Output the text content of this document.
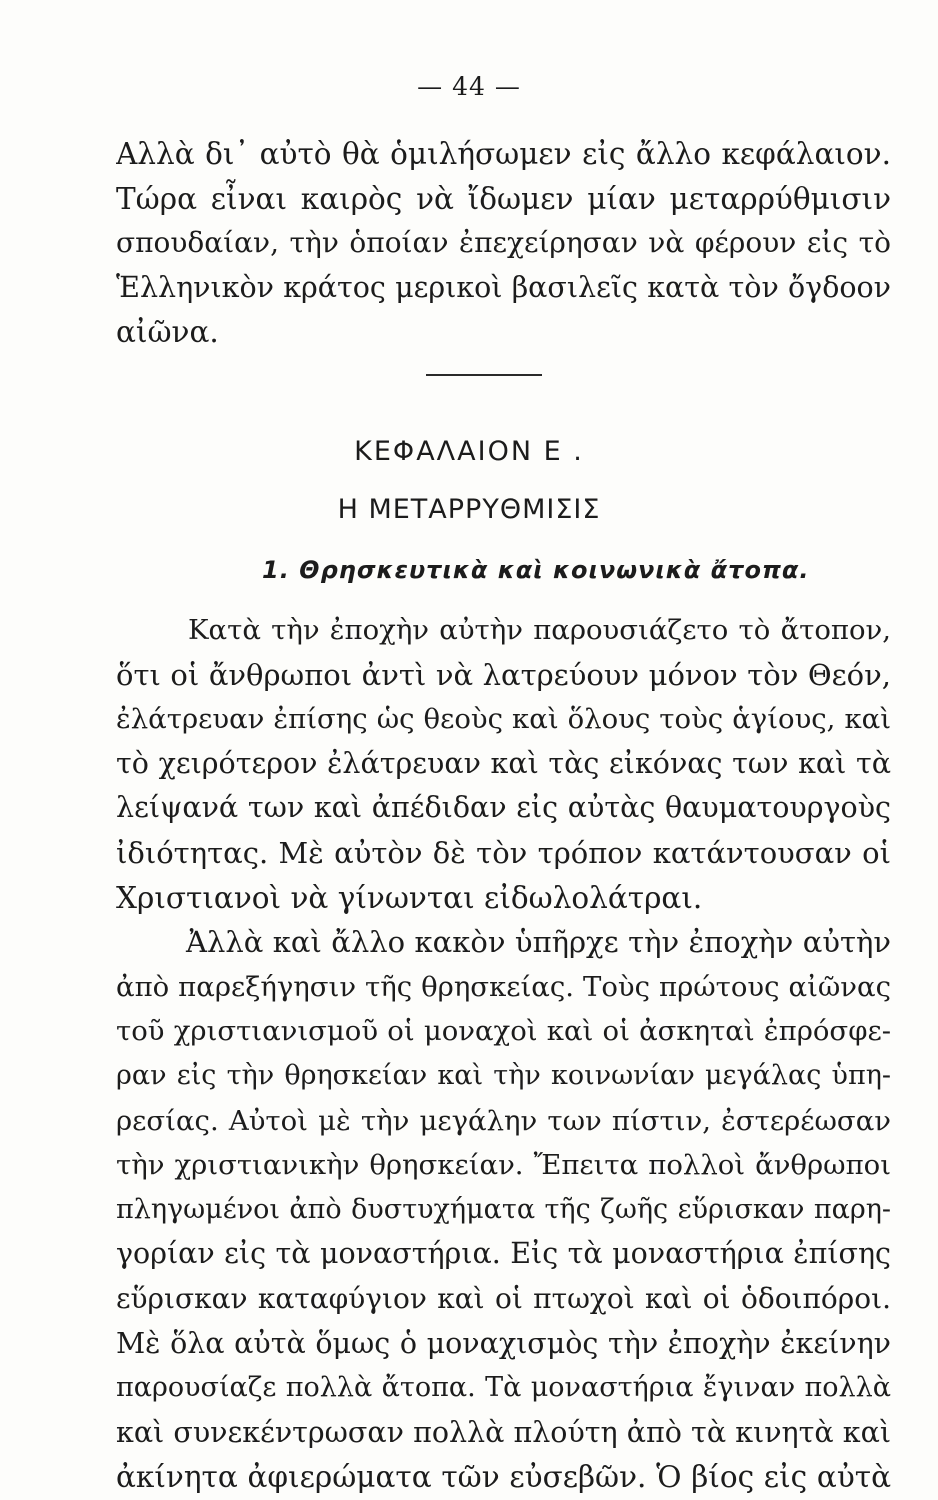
— 44 —
Αλλὰ δι᾽ αὐτὸ θὰ ὁμιλήσωμεν εἰς ἄλλο κεφάλαιον.
Τώρα εἶναι καιρὸς νὰ ἴδωμεν μίαν μεταρρύθμισιν
σπουδαίαν, τὴν ὁποίαν ἐπεχείρησαν νὰ φέρουν εἰς τὸ
Ἑλληνικὸν κράτος μερικοὶ βασιλεῖς κατὰ τὸν ὄγδοον
αἰῶνα.
ΚΕΦΑΛΑΙΟΝ Ε .
Η ΜΕΤΑΡΡΥΘΜΙΣΙΣ
1. Θρησκευτικὰ καὶ κοινωνικὰ ἄτοπα.
Κατὰ τὴν ἐποχὴν αὐτὴν παρουσιάζετο τὸ ἄτοπον,
ὅτι οἱ ἄνθρωποι ἀντὶ νὰ λατρεύουν μόνον τὸν Θεόν,
ἐλάτρευαν ἐπίσης ὡς θεοὺς καὶ ὅλους τοὺς ἁγίους, καὶ
τὸ χειρότερον ἐλάτρευαν καὶ τὰς εἰκόνας των καὶ τὰ
λείψανά των καὶ ἀπέδιδαν εἰς αὐτὰς θαυματουργοὺς
ἰδιότητας. Μὲ αὐτὸν δὲ τὸν τρόπον κατάντουσαν οἱ
Χριστιανοὶ νὰ γίνωνται εἰδωλολάτραι.
Ἀλλὰ καὶ ἄλλο κακὸν ὑπῆρχε τὴν ἐποχὴν αὐτὴν
ἀπὸ παρεξήγησιν τῆς θρησκείας. Τοὺς πρώτους αἰῶνας
τοῦ χριστιανισμοῦ οἱ μοναχοὶ καὶ οἱ ἀσκηταὶ ἐπρόσφε-
ραν εἰς τὴν θρησκείαν καὶ τὴν κοινωνίαν μεγάλας ὑπη-
ρεσίας. Αὐτοὶ μὲ τὴν μεγάλην των πίστιν, ἐστερέωσαν
τὴν χριστιανικὴν θρησκείαν. Ἔπειτα πολλοὶ ἄνθρωποι
πληγωμένοι ἀπὸ δυστυχήματα τῆς ζωῆς εὕρισκαν παρη-
γορίαν εἰς τὰ μοναστήρια. Εἰς τὰ μοναστήρια ἐπίσης
εὕρισκαν καταφύγιον καὶ οἱ πτωχοὶ καὶ οἱ ὁδοιπόροι.
Μὲ ὅλα αὐτὰ ὅμως ὁ μοναχισμὸς τὴν ἐποχὴν ἐκείνην
παρουσίαζε πολλὰ ἄτοπα. Τὰ μοναστήρια ἔγιναν πολλὰ
καὶ συνεκέντρωσαν πολλὰ πλούτη ἀπὸ τὰ κινητὰ καὶ
ἀκίνητα ἀφιερώματα τῶν εὐσεβῶν. Ὁ βίος εἰς αὐτὰ
